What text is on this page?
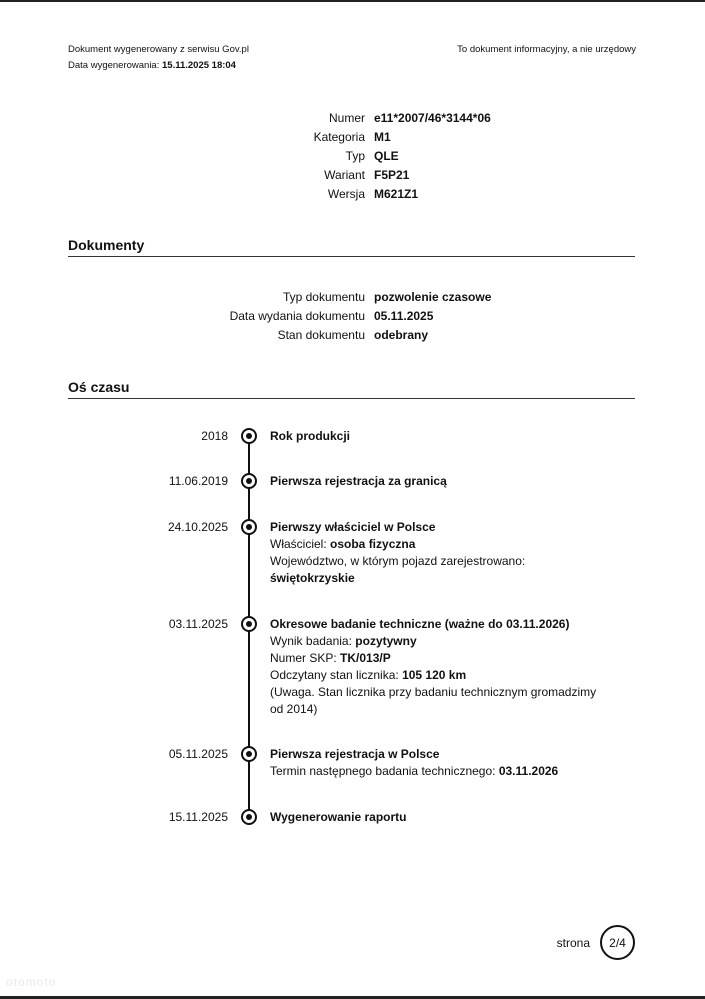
Dokument wygenerowany z serwisu Gov.pl
Data wygenerowania: 15.11.2025 18:04
To dokument informacyjny, a nie urzędowy
Numer e11*2007/46*3144*06
Kategoria M1
Typ QLE
Wariant F5P21
Wersja M621Z1
Dokumenty
Typ dokumentu pozwolenie czasowe
Data wydania dokumentu 05.11.2025
Stan dokumentu odebrany
Oś czasu
2018	Rok produkcji
11.06.2019	Pierwsza rejestracja za granicą
24.10.2025	Pierwszy właściciel w Polsce
Właściciel: osoba fizyczna
Województwo, w którym pojazd zarejestrowano:
świętokrzyskie
03.11.2025	Okresowe badanie techniczne (ważne do 03.11.2026)
Wynik badania: pozytywny
Numer SKP: TK/013/P
Odczytany stan licznika: 105 120 km
(Uwaga. Stan licznika przy badaniu technicznym gromadzimy od 2014)
05.11.2025	Pierwsza rejestracja w Polsce
Termin następnego badania technicznego: 03.11.2026
15.11.2025	Wygenerowanie raportu
strona	2/4
otomoto
